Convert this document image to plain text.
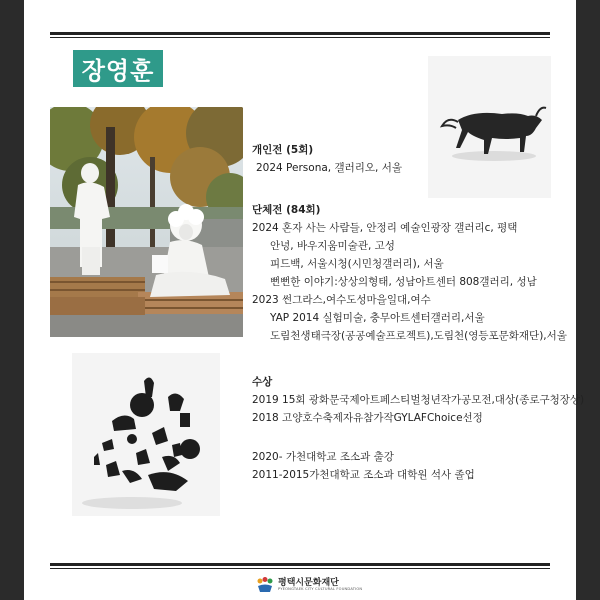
장영훈
개인전 (5회)
2024 Persona, 갤러리오, 서울
단체전 (84회)
2024 혼자 사는 사람들, 안정리 예술인광장 갤러리c, 평택
안녕, 바우지움미술관, 고성
피드백, 서울시청(시민청갤러리), 서울
뻔뻔한 이야기:상상의형태, 성남아트센터 808갤러리, 성남
2023 썬그라스,여수도성마을일대,여수
YAP 2014 실험미술, 충무아트센터갤러리,서울
도림천생태극장(공공예술프로젝트),도림천(영등포문화재단),서울
수상
2019 15회 광화문국제아트페스티벌청년작가공모전,대상(종로구청장상)
2018 고양호수축제자유참가작GYLAFChoice선정
2020- 가천대학교 조소과 출강
2011-2015가천대학교 조소과 대학원 석사 졸업
평택시문화재단
PYEONGTAEK CITY CULTURAL FOUNDATION
